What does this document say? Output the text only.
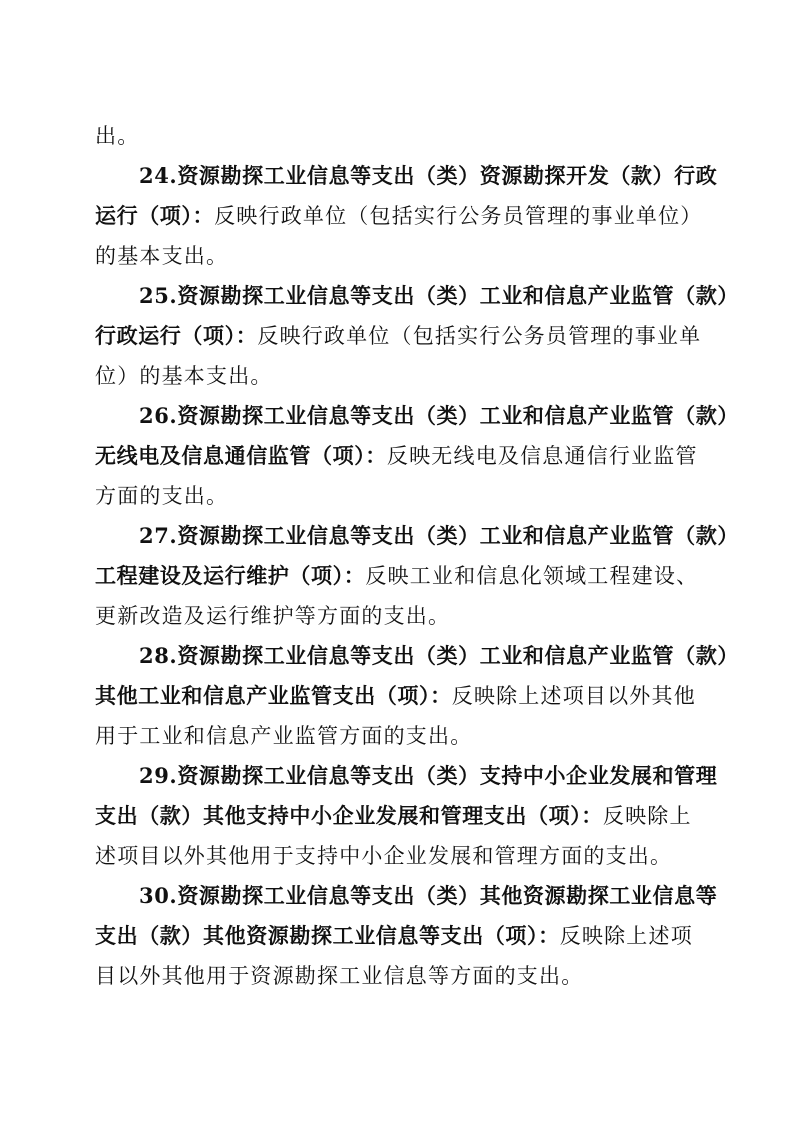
出。
24.资源勘探工业信息等支出（类）资源勘探开发（款）行政
运行（项）：反映行政单位（包括实行公务员管理的事业单位）
的基本支出。
25.资源勘探工业信息等支出（类）工业和信息产业监管（款）
行政运行（项）：反映行政单位（包括实行公务员管理的事业单
位）的基本支出。
26.资源勘探工业信息等支出（类）工业和信息产业监管（款）
无线电及信息通信监管（项）：反映无线电及信息通信行业监管
方面的支出。
27.资源勘探工业信息等支出（类）工业和信息产业监管（款）
工程建设及运行维护（项）：反映工业和信息化领域工程建设、
更新改造及运行维护等方面的支出。
28.资源勘探工业信息等支出（类）工业和信息产业监管（款）
其他工业和信息产业监管支出（项）：反映除上述项目以外其他
用于工业和信息产业监管方面的支出。
29.资源勘探工业信息等支出（类）支持中小企业发展和管理
支出（款）其他支持中小企业发展和管理支出（项）：反映除上
述项目以外其他用于支持中小企业发展和管理方面的支出。
30.资源勘探工业信息等支出（类）其他资源勘探工业信息等
支出（款）其他资源勘探工业信息等支出（项）：反映除上述项
目以外其他用于资源勘探工业信息等方面的支出。
